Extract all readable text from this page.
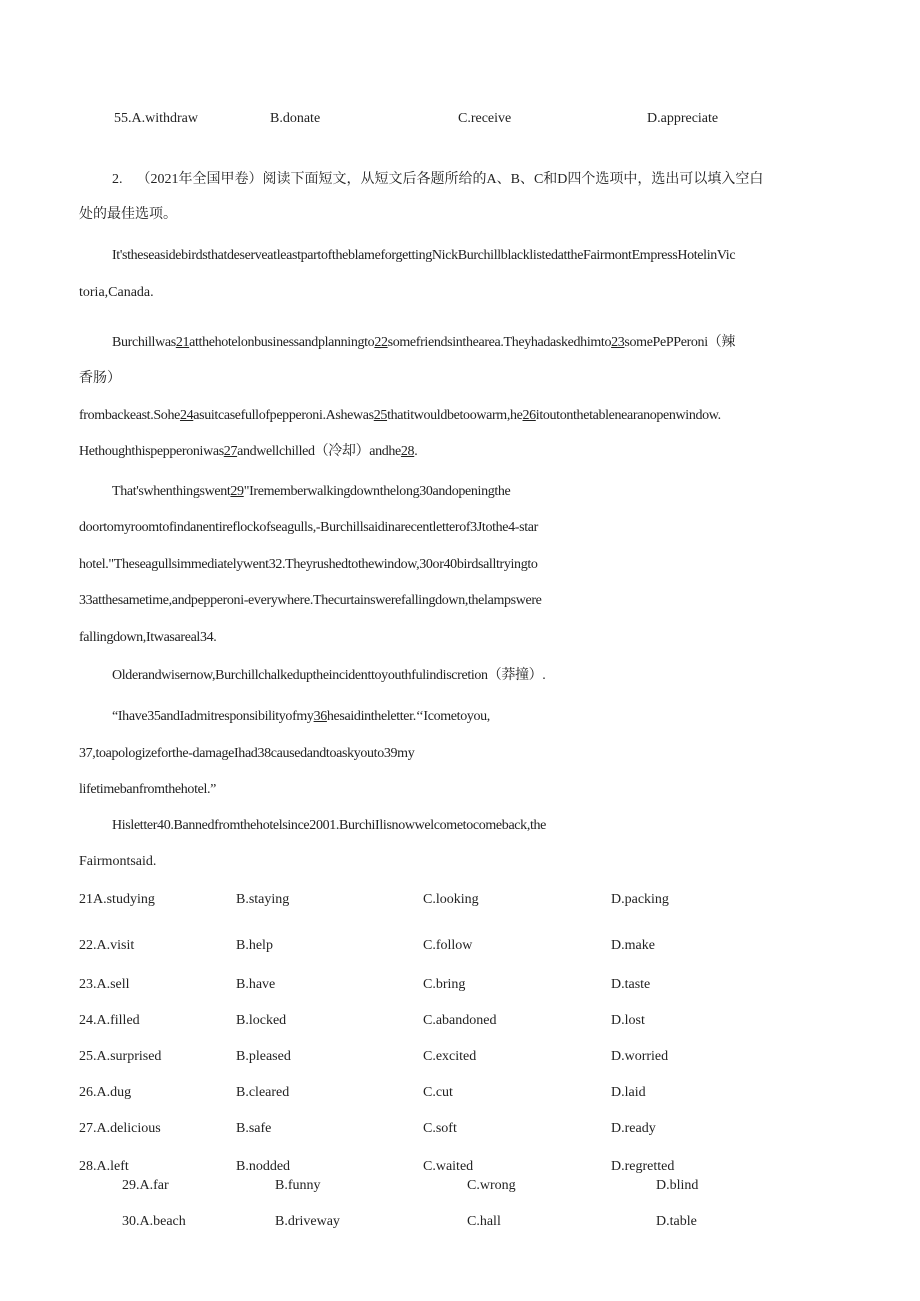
55.A.withdraw	B.donate	C.receive	D.appreciate
2. （2021年全国甲卷）阅读下面短文，从短文后各题所给的A、B、C和D四个选项中，选出可以填入空白
处的最佳选项。
It'stheseasidebirdsthatdeserveatleastpartoftheblameforgettingNickBurchillblacklistedattheFairmontEmpressHotelinVic
toria,Canada.
Burchillwas21atthehotelonbusinessandplanningto22somefriendsinthearea.Theyhadaskedhimto23somePePPeroni（辣
香肠）
frombackeast.Sohe24asuitcasefullofpepperoni.Ashewas25thatitwouldbetoowarm,he26itoutonthetablenearanopenwindow.
Hethoughthispepperoniwas27andwellchilled（冷却）andhe28.
That'swhenthingswent29"Irememberwalkingdownthelong30andopeningthe
doortomyroomtofindanentireflockofseagulls,-Burchillsaidinarecentletterof3Jtothe4-star
hotel."Theseagullsimmediatelywent32.Theyrushedtothewindow,30or40birdsalltryingto
33atthesametime,andpepperoni-everywhere.Thecurtainswerefallingdown,thelampswere
fallingdown,Itwasareal34.
Olderandwisernow,Burchillchalkeduptheincidenttoyouthfulindiscretion（莽撞）.
“Ihave35andIadmitresponsibilityofmy36hesaidintheletter.‘‘Icometoyou,
37,toapologizeforthe-damageIhad38causedandtoaskyouto39my
lifetimebanfromthehotel.”
Hisletter40.Bannedfromthehotelsince2001.BurchiIlisnowwelcometocomeback,the
Fairmontsaid.
21A.studying	B.staying	C.looking	D.packing
22.A.visit	B.help	C.follow	D.make
23.A.sell	B.have	C.bring	D.taste
24.A.filled	B.locked	C.abandoned	D.lost
25.A.surprised	B.pleased	C.excited	D.worried
26.A.dug	B.cleared	C.cut	D.laid
27.A.delicious	B.safe	C.soft	D.ready
28.A.left	B.nodded	C.waited	D.regretted
29.A.far	B.funny	C.wrong	D.blind
30.A.beach	B.driveway	C.hall	D.table
